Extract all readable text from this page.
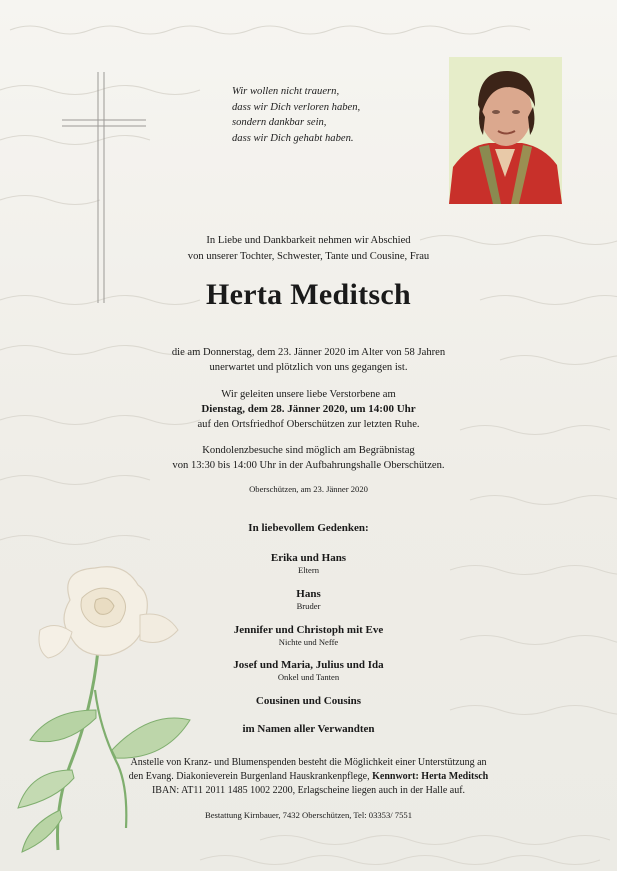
Wir wollen nicht trauern,
dass wir Dich verloren haben,
sondern dankbar sein,
dass wir Dich gehabt haben.
In Liebe und Dankbarkeit nehmen wir Abschied
von unserer Tochter, Schwester, Tante und Cousine, Frau
Herta Meditsch
die am Donnerstag, dem 23. Jänner 2020 im Alter von 58 Jahren
unerwartet und plötzlich von uns gegangen ist.
Wir geleiten unsere liebe Verstorbene am
Dienstag, dem 28. Jänner 2020, um 14:00 Uhr
auf den Ortsfriedhof Oberschützen zur letzten Ruhe.
Kondolenzbesuche sind möglich am Begräbnistag
von 13:30 bis 14:00 Uhr in der Aufbahrungshalle Oberschützen.
Oberschützen, am 23. Jänner 2020
In liebevollem Gedenken:
Erika und Hans
Eltern
Hans
Bruder
Jennifer und Christoph mit Eve
Nichte und Neffe
Josef und Maria, Julius und Ida
Onkel und Tanten
Cousinen und Cousins
im Namen aller Verwandten
Anstelle von Kranz- und Blumenspenden besteht die Möglichkeit einer Unterstützung an
den Evang. Diakonieverein Burgenland Hauskrankenpflege, Kennwort: Herta Meditsch
IBAN: AT11 2011 1485 1002 2200, Erlagscheine liegen auch in der Halle auf.
Bestattung Kirnbauer, 7432 Oberschützen, Tel: 03353/ 7551
